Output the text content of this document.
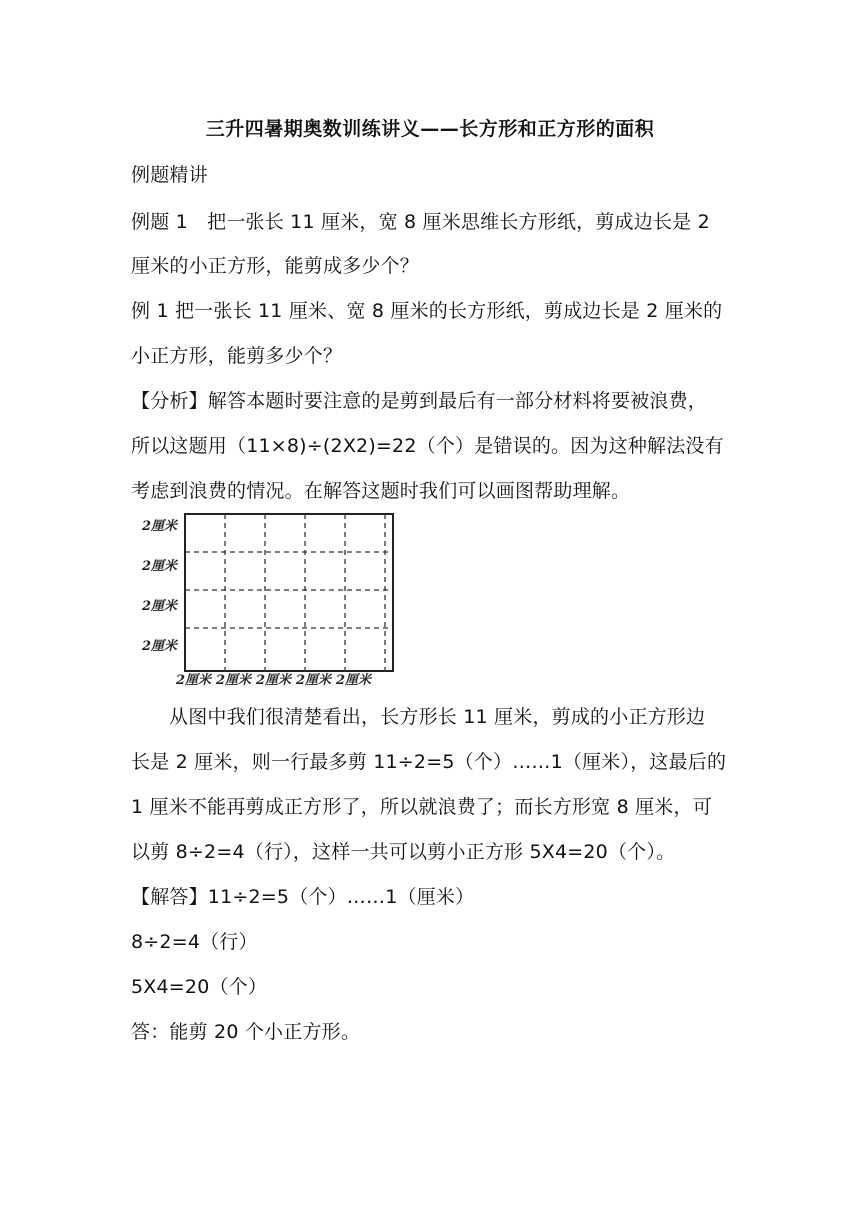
三升四暑期奥数训练讲义——长方形和正方形的面积
例题精讲
例题 1　把一张长 11 厘米，宽 8 厘米思维长方形纸，剪成边长是 2
厘米的小正方形，能剪成多少个？
例 1 把一张长 11 厘米、宽 8 厘米的长方形纸，剪成边长是 2 厘米的
小正方形，能剪多少个？
【分析】解答本题时要注意的是剪到最后有一部分材料将要被浪费，
所以这题用（11×8)÷(2X2)=22（个）是错误的。因为这种解法没有
考虑到浪费的情况。在解答这题时我们可以画图帮助理解。
2厘米
2厘米
2厘米
2厘米
2厘米 2厘米 2厘米 2厘米 2厘米
从图中我们很清楚看出，长方形长 11 厘米，剪成的小正方形边
长是 2 厘米，则一行最多剪 11÷2=5（个）……1（厘米），这最后的
1 厘米不能再剪成正方形了，所以就浪费了；而长方形宽 8 厘米，可
以剪 8÷2=4（行），这样一共可以剪小正方形 5X4=20（个）。
【解答】11÷2=5（个）……1（厘米）
8÷2=4（行）
5X4=20（个）
答：能剪 20 个小正方形。
